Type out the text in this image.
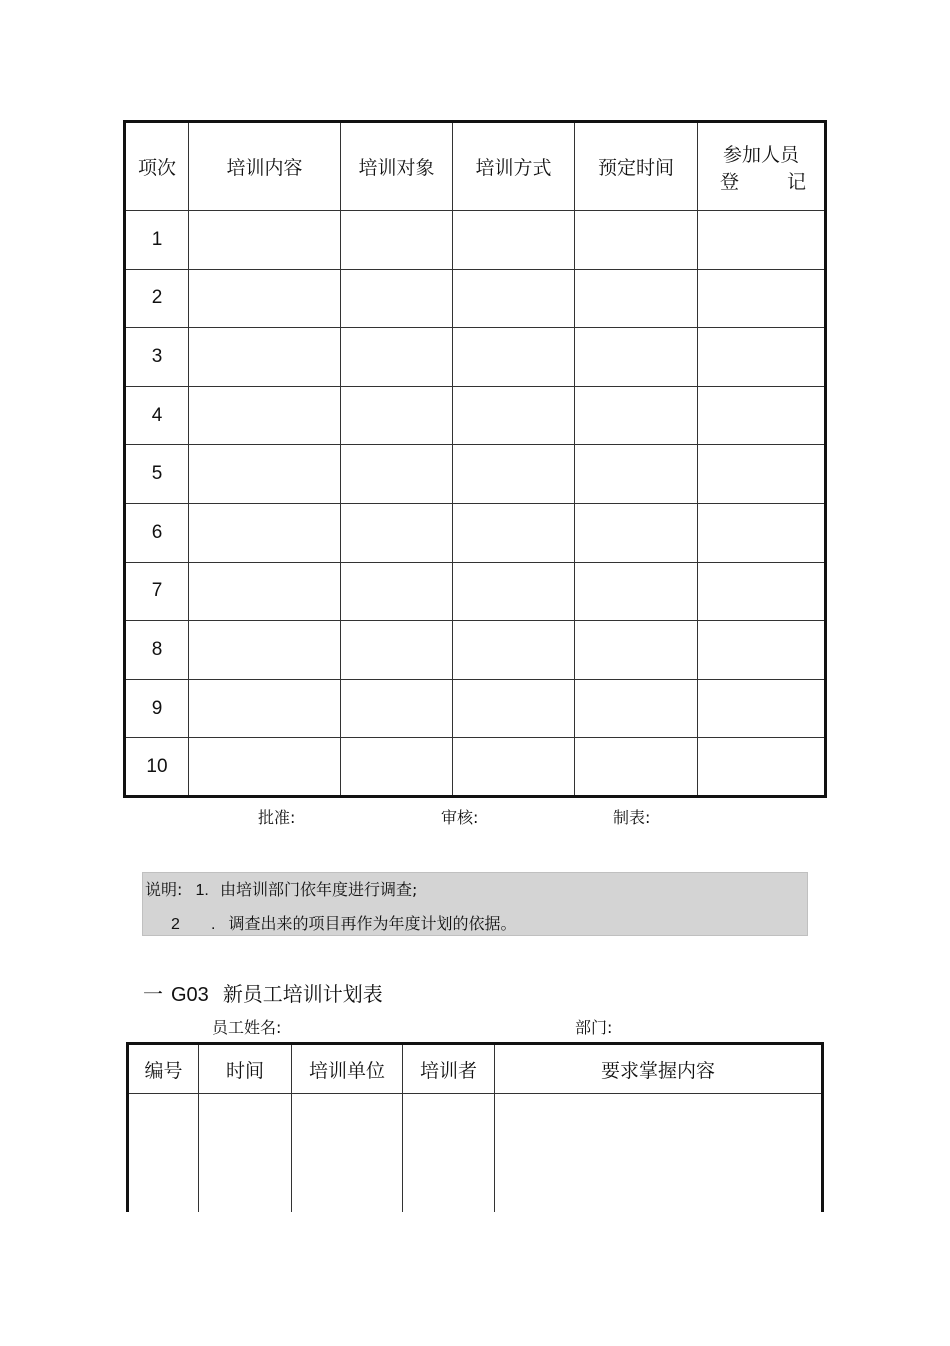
项次	培训内容	培训对象	培训方式	预定时间	参加人员
登 记

1					
2					
3					
4					
5					
6					
7					
8					
9					
10					
批准:	审核:	制表:
说明: 1. 由培训部门依年度进行调查;
2 . 调查出来的项目再作为年度计划的依据。
一 G03 新员工培训计划表
员工姓名:	部门:
编号	时间	培训单位	培训者	要求掌握内容
